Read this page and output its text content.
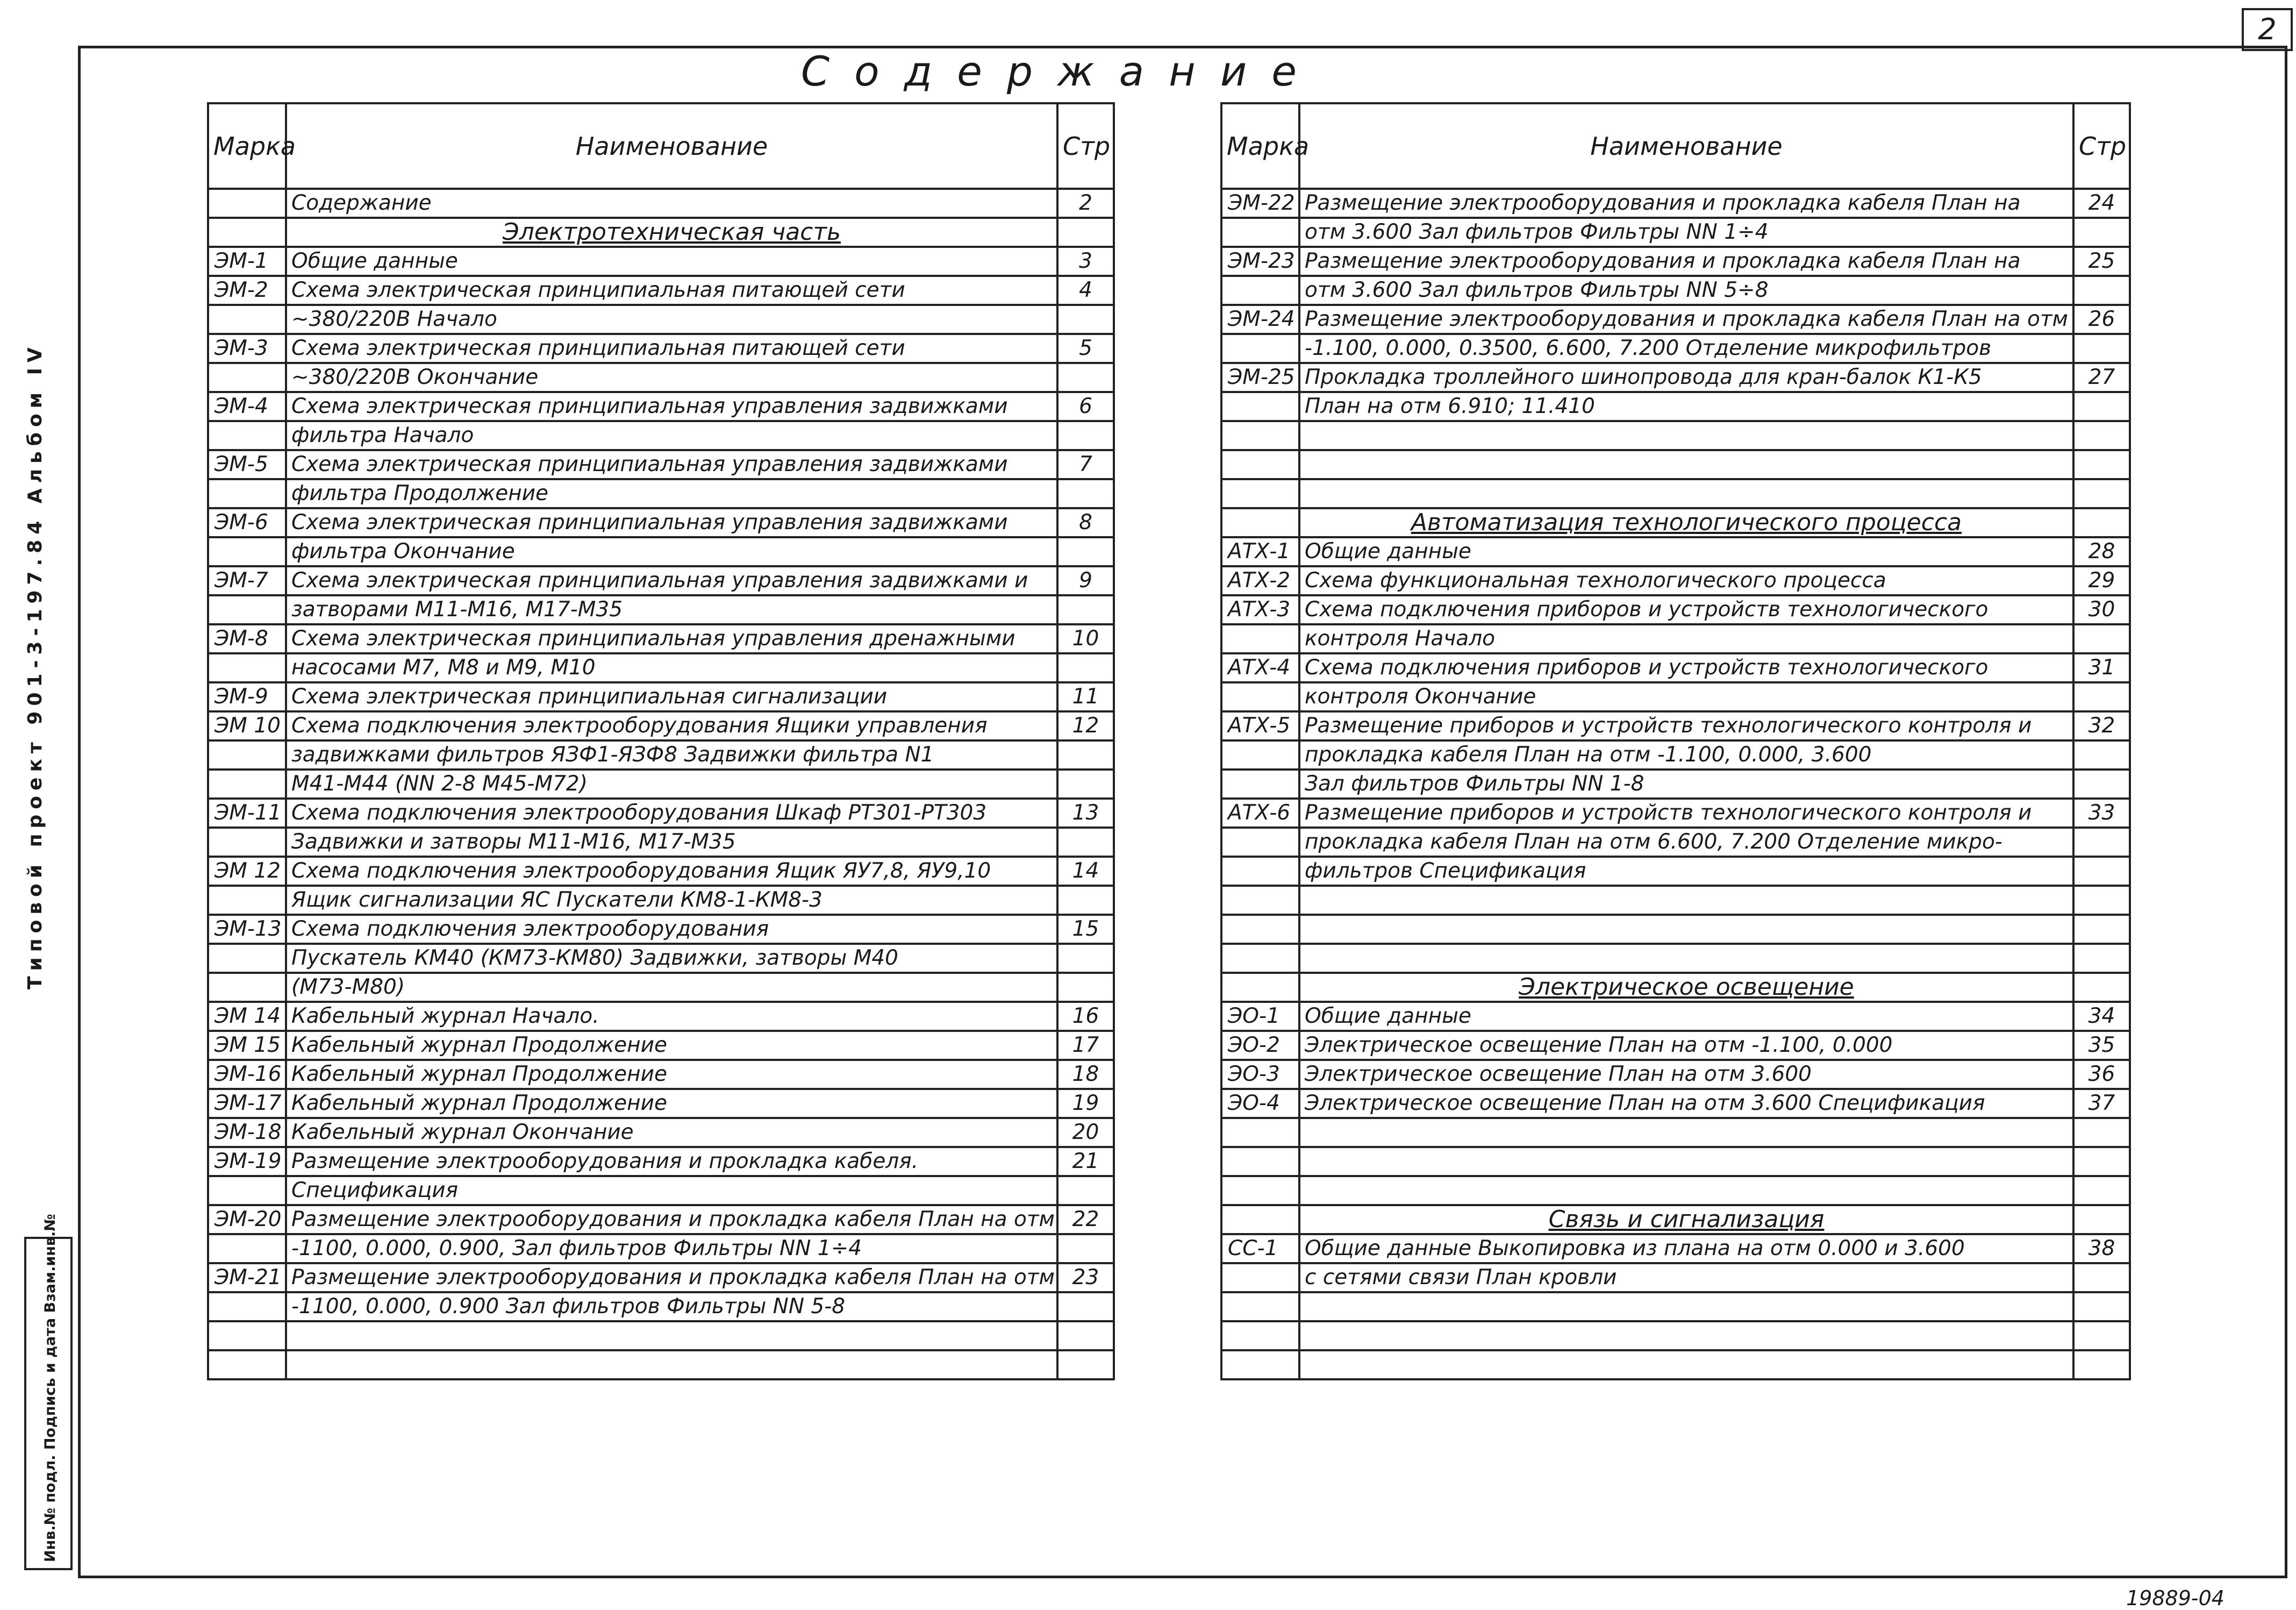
2
Содержание
Типовой проект 901-3-197.84 Альбом IV
Инв.№ подл. Подпись и дата Взам.инв.№
19889-04
Марка	Наименование	Стр
	Содержание	2
	Электротехническая часть	
ЭМ-1	Общие данные	3
ЭМ-2	Схема электрическая принципиальная питающей сети	4
	~380/220В Начало	
ЭМ-3	Схема электрическая принципиальная питающей сети	5
	~380/220В Окончание	
ЭМ-4	Схема электрическая принципиальная управления задвижками	6
	фильтра Начало	
ЭМ-5	Схема электрическая принципиальная управления задвижками	7
	фильтра Продолжение	
ЭМ-6	Схема электрическая принципиальная управления задвижками	8
	фильтра Окончание	
ЭМ-7	Схема электрическая принципиальная управления задвижками и	9
	затворами М11-М16, М17-М35	
ЭМ-8	Схема электрическая принципиальная управления дренажными	10
	насосами М7, М8 и М9, М10	
ЭМ-9	Схема электрическая принципиальная сигнализации	11
ЭМ 10	Схема подключения электрооборудования Ящики управления	12
	задвижками фильтров ЯЗФ1-ЯЗФ8 Задвижки фильтра N1	
	М41-М44 (NN 2-8 М45-М72)	
ЭМ-11	Схема подключения электрооборудования Шкаф РТ301-РТ303	13
	Задвижки и затворы М11-М16, М17-М35	
ЭМ 12	Схема подключения электрооборудования Ящик ЯУ7,8, ЯУ9,10	14
	Ящик сигнализации ЯС Пускатели КМ8-1-КМ8-3	
ЭМ-13	Схема подключения электрооборудования	15
	Пускатель КМ40 (КМ73-КМ80) Задвижки, затворы М40	
	(М73-М80)	
ЭМ 14	Кабельный журнал Начало.	16
ЭМ 15	Кабельный журнал Продолжение	17
ЭМ-16	Кабельный журнал Продолжение	18
ЭМ-17	Кабельный журнал Продолжение	19
ЭМ-18	Кабельный журнал Окончание	20
ЭМ-19	Размещение электрооборудования и прокладка кабеля.	21
	Спецификация	
ЭМ-20	Размещение электрооборудования и прокладка кабеля План на отм	22
	-1100, 0.000, 0.900, Зал фильтров Фильтры NN 1÷4	
ЭМ-21	Размещение электрооборудования и прокладка кабеля План на отм	23
	-1100, 0.000, 0.900 Зал фильтров Фильтры NN 5-8	

Марка	Наименование	Стр
ЭМ-22	Размещение электрооборудования и прокладка кабеля План на	24
	отм 3.600 Зал фильтров Фильтры NN 1÷4	
ЭМ-23	Размещение электрооборудования и прокладка кабеля План на	25
	отм 3.600 Зал фильтров Фильтры NN 5÷8	
ЭМ-24	Размещение электрооборудования и прокладка кабеля План на отм	26
	-1.100, 0.000, 0.3500, 6.600, 7.200 Отделение микрофильтров	
ЭМ-25	Прокладка троллейного шинопровода для кран-балок К1-К5	27
	План на отм 6.910; 11.410	

	Автоматизация технологического процесса	
АТХ-1	Общие данные	28
АТХ-2	Схема функциональная технологического процесса	29
АТХ-3	Схема подключения приборов и устройств технологического	30
	контроля Начало	
АТХ-4	Схема подключения приборов и устройств технологического	31
	контроля Окончание	
АТХ-5	Размещение приборов и устройств технологического контроля и	32
	прокладка кабеля План на отм -1.100, 0.000, 3.600	
	Зал фильтров Фильтры NN 1-8	
АТХ-6	Размещение приборов и устройств технологического контроля и	33
	прокладка кабеля План на отм 6.600, 7.200 Отделение микро-	
	фильтров Спецификация	

	Электрическое освещение	
ЭО-1	Общие данные	34
ЭО-2	Электрическое освещение План на отм -1.100, 0.000	35
ЭО-3	Электрическое освещение План на отм 3.600	36
ЭО-4	Электрическое освещение План на отм 3.600 Спецификация	37

	Связь и сигнализация	
СС-1	Общие данные Выкопировка из плана на отм 0.000 и 3.600	38
	с сетями связи План кровли	
